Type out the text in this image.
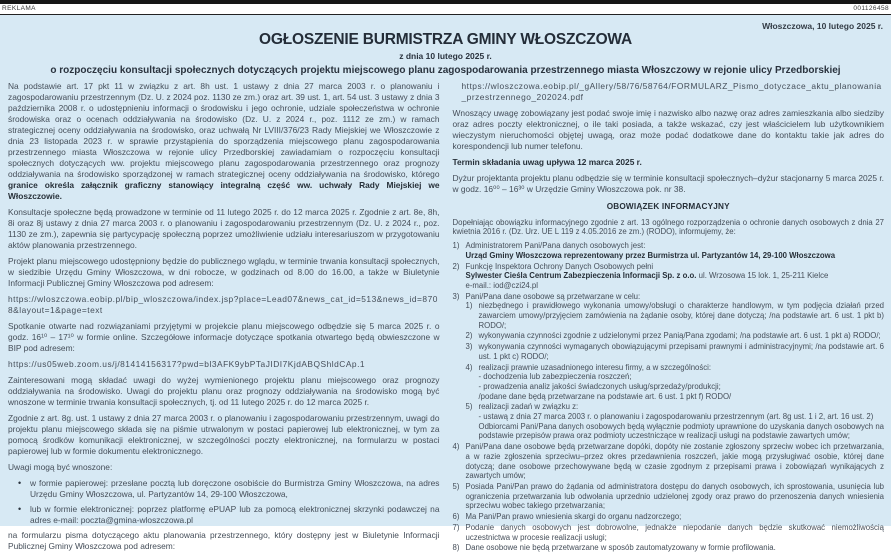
REKLAMA	001126458
Włoszczowa, 10 lutego 2025 r.
OGŁOSZENIE BURMISTRZA GMINY WŁOSZCZOWA
z dnia 10 lutego 2025 r.
o rozpoczęciu konsultacji społecznych dotyczących projektu miejscowego planu zagospodarowania przestrzennego miasta Włoszczowy w rejonie ulicy Przedborskiej

Na podstawie art. 17 pkt 11 w związku z art. 8h ust. 1 ustawy z dnia 27 marca 2003 r. o planowaniu i zagospodarowaniu przestrzennym (Dz. U. z 2024 poz. 1130 ze zm.) oraz art. 39 ust. 1, art. 54 ust. 3 ustawy z dnia 3 października 2008 r. o udostępnieniu informacji o środowisku i jego ochronie, udziale społeczeństwa w ochronie środowiska oraz o ocenach oddziaływania na środowisko (Dz. U. z 2024 r., poz. 1112 ze zm.) w ramach strategicznej oceny oddziaływania na środowisko, oraz uchwałą Nr LVIII/376/23 Rady Miejskiej we Włoszczowie z dnia 23 listopada 2023 r. w sprawie przystąpienia do sporządzenia miejscowego planu zagospodarowania przestrzennego miasta Włoszczowa w rejonie ulicy Przedborskiej zawiadamiam o rozpoczęciu konsultacji społecznych dotyczących ww. projektu miejscowego planu zagospodarowania przestrzennego oraz prognozy oddziaływania na środowisko sporządzonej w ramach strategicznej oceny oddziaływania na środowisko, którego granice określa załącznik graficzny stanowiący integralną część ww. uchwały Rady Miejskiej we Włoszczowie.

Konsultacje społeczne będą prowadzone w terminie od 11 lutego 2025 r. do 12 marca 2025 r. Zgodnie z art. 8e, 8h, 8i oraz 8j ustawy z dnia 27 marca 2003 r. o planowaniu i zagospodarowaniu przestrzennym (Dz. U. z 2024 r., poz. 1130 ze zm.), zapewnia się partycypację społeczną poprzez umożliwienie udziału interesariuszom w przygotowaniu aktów planowania przestrzennego.

Projekt planu miejscowego udostępniony będzie do publicznego wglądu, w terminie trwania konsultacji społecznych, w siedzibie Urzędu Gminy Włoszczowa, w dni robocze, w godzinach od 8.00 do 16.00, a także w Biuletynie Informacji Publicznej Gminy Włoszczowa pod adresem:

https://wloszczowa.eobip.pl/bip_wloszczowa/index.jsp?place=Lead07&news_cat_id=513&news_id=8708&layout=1&page=text

Spotkanie otwarte nad rozwiązaniami przyjętymi w projekcie planu miejscowego odbędzie się 5 marca 2025 r. o godz. 16¹⁰ – 17¹⁰ w formie online. Szczegółowe informacje dotyczące spotkania otwartego będą obwieszczone w BIP pod adresem:

https://us05web.zoom.us/j/81414156317?pwd=bl3AFK9ybPTaJIDI7KjdABQShldCAp.1

Zainteresowani mogą składać uwagi do wyżej wymienionego projektu planu miejscowego oraz prognozy oddziaływania na środowisko. Uwagi do projektu planu oraz prognozy oddziaływania na środowisko mogą być wnoszone w terminie trwania konsultacji społecznych, tj. od 11 lutego 2025 r. do 12 marca 2025 r.

Zgodnie z art. 8g. ust. 1 ustawy z dnia 27 marca 2003 r. o planowaniu i zagospodarowaniu przestrzennym, uwagi do projektu planu miejscowego składa się na piśmie utrwalonym w postaci papierowej lub elektronicznej, w tym za pomocą środków komunikacji elektronicznej, w szczególności poczty elektronicznej, na formularzu w postaci papierowej lub w formie dokumentu elektronicznego.

Uwagi mogą być wnoszone:

• w formie papierowej: przesłane pocztą lub doręczone osobiście do Burmistrza Gminy Włoszczowa, na adres Urzędu Gminy Włoszczowa, ul. Partyzantów 14, 29-100 Włoszczowa,
• lub w formie elektronicznej: poprzez platformę ePUAP lub za pomocą elektronicznej skrzynki podawczej na adres e-mail: poczta@gmina-wloszczowa.pl

na formularzu pisma dotyczącego aktu planowania przestrzennego, który dostępny jest w Biuletynie Informacji Publicznej Gminy Włoszczowa pod adresem:

https://wloszczowa.eobip.pl/_gAllery/58/76/58764/FORMULARZ_Pismo_dotyczace_aktu_planowania_przestrzennego_202024.pdf

Wnoszący uwagę zobowiązany jest podać swoje imię i nazwisko albo nazwę oraz adres zamieszkania albo siedziby oraz adres poczty elektronicznej, o ile taki posiada, a także wskazać, czy jest właścicielem lub użytkownikiem wieczystym nieruchomości objętej uwagą, oraz może podać dodatkowe dane do kontaktu takie jak adres do korespondencji lub numer telefonu.

Termin składania uwag upływa 12 marca 2025 r.

Dyżur projektanta projektu planu odbędzie się w terminie konsultacji społecznych–dyżur stacjonarny 5 marca 2025 r. w godz. 16⁰⁰ – 16³⁰ w Urzędzie Gminy Włoszczowa pok. nr 38.

OBOWIĄZEK INFORMACYJNY

Dopełniając obowiązku informacyjnego zgodnie z art. 13 ogólnego rozporządzenia o ochronie danych osobowych z dnia 27 kwietnia 2016 r. (Dz. Urz. UE L 119 z 4.05.2016 ze zm.) (RODO), informujemy, że:

1) Administratorem Pani/Pana danych osobowych jest:
Urząd Gminy Włoszczowa reprezentowany przez Burmistrza ul. Partyzantów 14, 29-100 Włoszczowa
2) Funkcję Inspektora Ochrony Danych Osobowych pełni
Sylwester Cieśla Centrum Zabezpieczenia Informacji Sp. z o.o. ul. Wrzosowa 15 lok. 1, 25-211 Kielce
e-mail.: iod@czi24.pl
3) Pani/Pana dane osobowe są przetwarzane w celu:
1) niezbędnego i prawidłowego wykonania umowy/obsługi o charakterze handlowym, w tym podjęcia działań przed zawarciem umowy/przyjęciem zamówienia na żądanie osoby, której dane dotyczą; /na podstawie art. 6 ust. 1 pkt b) RODO/;
2) wykonywania czynności zgodnie z udzielonymi przez Panią/Pana zgodami; /na podstawie art. 6 ust. 1 pkt a) RODO/;
3) wykonywania czynności wymaganych obowiązującymi przepisami prawnymi i administracyjnymi; /na podstawie art. 6 ust. 1 pkt c) RODO/;
4) realizacji prawnie uzasadnionego interesu firmy, a w szczególności:
- dochodzenia lub zabezpieczenia roszczeń;
- prowadzenia analiz jakości świadczonych usług/sprzedaży/produkcji;
/podane dane będą przetwarzane na podstawie art. 6 ust. 1 pkt f) RODO/
5) realizacji zadań w związku z:
- ustawą z dnia 27 marca 2003 r. o planowaniu i zagospodarowaniu przestrzennym (art. 8g ust. 1 i 2, art. 16 ust. 2)
Odbiorcami Pani/Pana danych osobowych będą wyłącznie podmioty uprawnione do uzyskania danych osobowych na podstawie przepisów prawa oraz podmioty uczestniczące w realizacji usługi na podstawie zawartych umów;
4) Pani/Pana dane osobowe będą przetwarzane dopóki, dopóty nie zostanie zgłoszony sprzeciw wobec ich przetwarzania, a w razie zgłoszenia sprzeciwu–przez okres przedawnienia roszczeń, jakie mogą przysługiwać osobie, której dane dotyczą; dane osobowe przechowywane będą w czasie zgodnym z przepisami prawa i zobowiązań wynikających z zawartych umów;
5) Posiada Pani/Pan prawo do żądania od administratora dostępu do danych osobowych, ich sprostowania, usunięcia lub ograniczenia przetwarzania lub odwołania uprzednio udzielonej zgody oraz prawo do przenoszenia danych wniesienia sprzeciwu wobec takiego przetwarzania;
6) Ma Pani/Pan prawo wniesienia skargi do organu nadzorczego;
7) Podanie danych osobowych jest dobrowolne, jednakże niepodanie danych będzie skutkować niemożliwością uczestnictwa w procesie realizacji usługi;
8) Dane osobowe nie będą przetwarzane w sposób zautomatyzowany w formie profilowania.
